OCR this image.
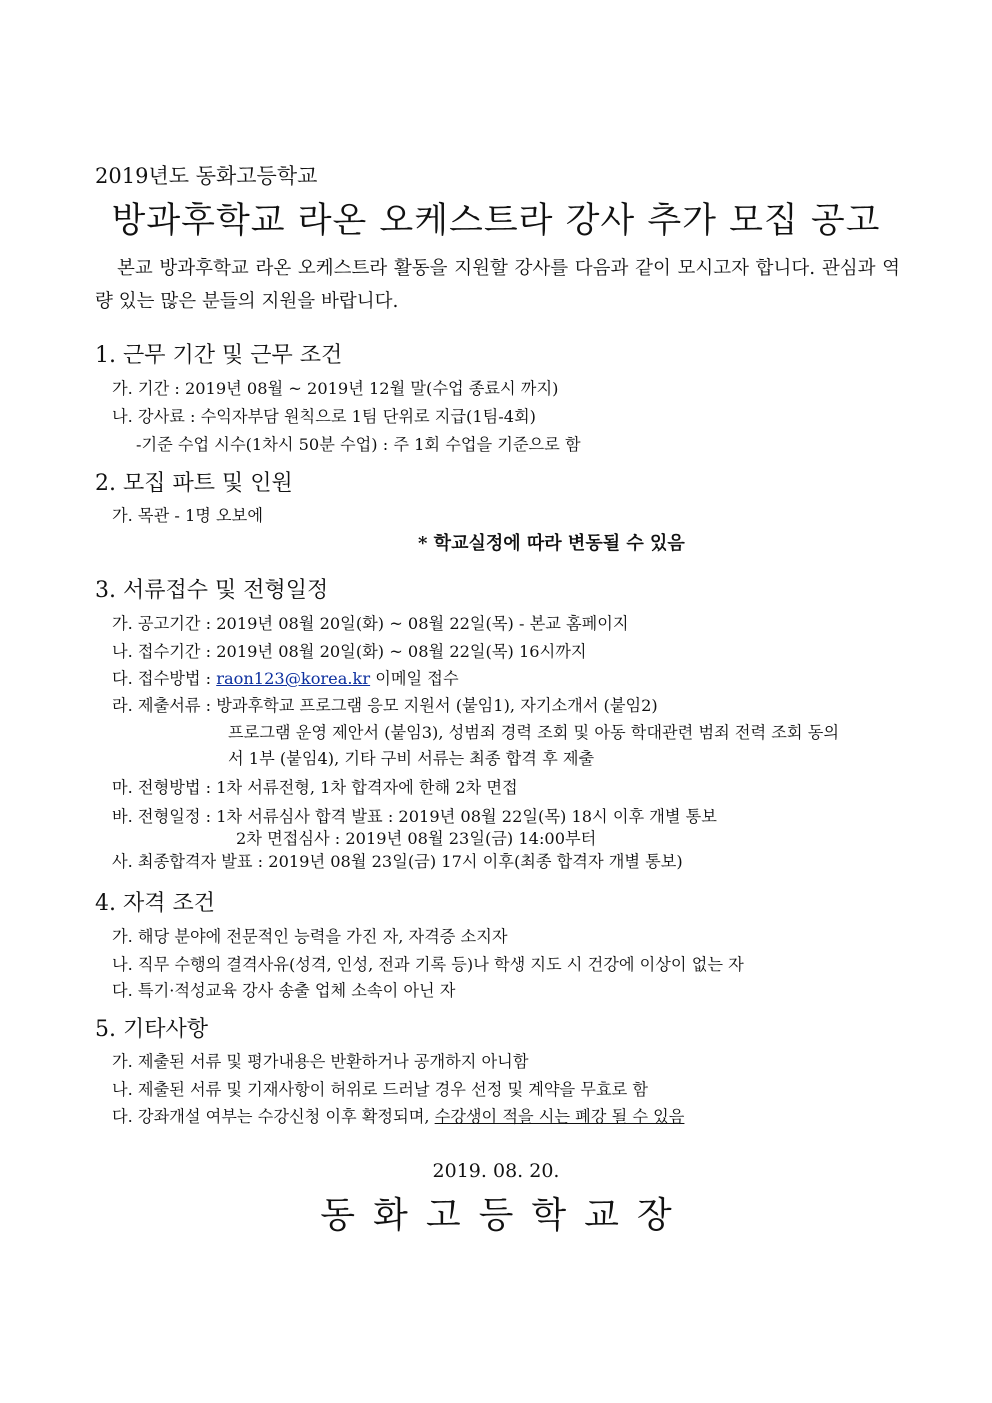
2019년도 동화고등학교
방과후학교 라온 오케스트라 강사 추가 모집 공고
본교 방과후학교 라온 오케스트라 활동을 지원할 강사를 다음과 같이 모시고자 합니다. 관심과 역량 있는 많은 분들의 지원을 바랍니다.
1. 근무 기간 및 근무 조건
가. 기간 : 2019년 08월 ~ 2019년 12월 말(수업 종료시 까지)
나. 강사료 : 수익자부담 원칙으로 1팀 단위로 지급(1팀-4회)
-기준 수업 시수(1차시 50분 수업) : 주 1회 수업을 기준으로 함
2. 모집 파트 및 인원
가. 목관 - 1명 오보에
* 학교실정에 따라 변동될 수 있음
3. 서류접수 및 전형일정
가. 공고기간 : 2019년 08월 20일(화) ~ 08월 22일(목) - 본교 홈페이지
나. 접수기간 : 2019년 08월 20일(화) ~ 08월 22일(목) 16시까지
다. 접수방법 : raon123@korea.kr 이메일 접수
라. 제출서류 : 방과후학교 프로그램 응모 지원서 (붙임1), 자기소개서 (붙임2)
프로그램 운영 제안서 (붙임3), 성범죄 경력 조회 및 아동 학대관련 범죄 전력 조회 동의
서 1부 (붙임4), 기타 구비 서류는 최종 합격 후 제출
마. 전형방법 : 1차 서류전형, 1차 합격자에 한해 2차 면접
바. 전형일정 : 1차 서류심사 합격 발표 : 2019년 08월 22일(목) 18시 이후 개별 통보
2차 면접심사 : 2019년 08월 23일(금) 14:00부터
사. 최종합격자 발표 : 2019년 08월 23일(금) 17시 이후(최종 합격자 개별 통보)
4. 자격 조건
가. 해당 분야에 전문적인 능력을 가진 자, 자격증 소지자
나. 직무 수행의 결격사유(성격, 인성, 전과 기록 등)나 학생 지도 시 건강에 이상이 없는 자
다. 특기·적성교육 강사 송출 업체 소속이 아닌 자
5. 기타사항
가. 제출된 서류 및 평가내용은 반환하거나 공개하지 아니함
나. 제출된 서류 및 기재사항이 허위로 드러날 경우 선정 및 계약을 무효로 함
다. 강좌개설 여부는 수강신청 이후 확정되며, 수강생이 적을 시는 폐강 될 수 있음
2019. 08. 20.
동화고등학교장
